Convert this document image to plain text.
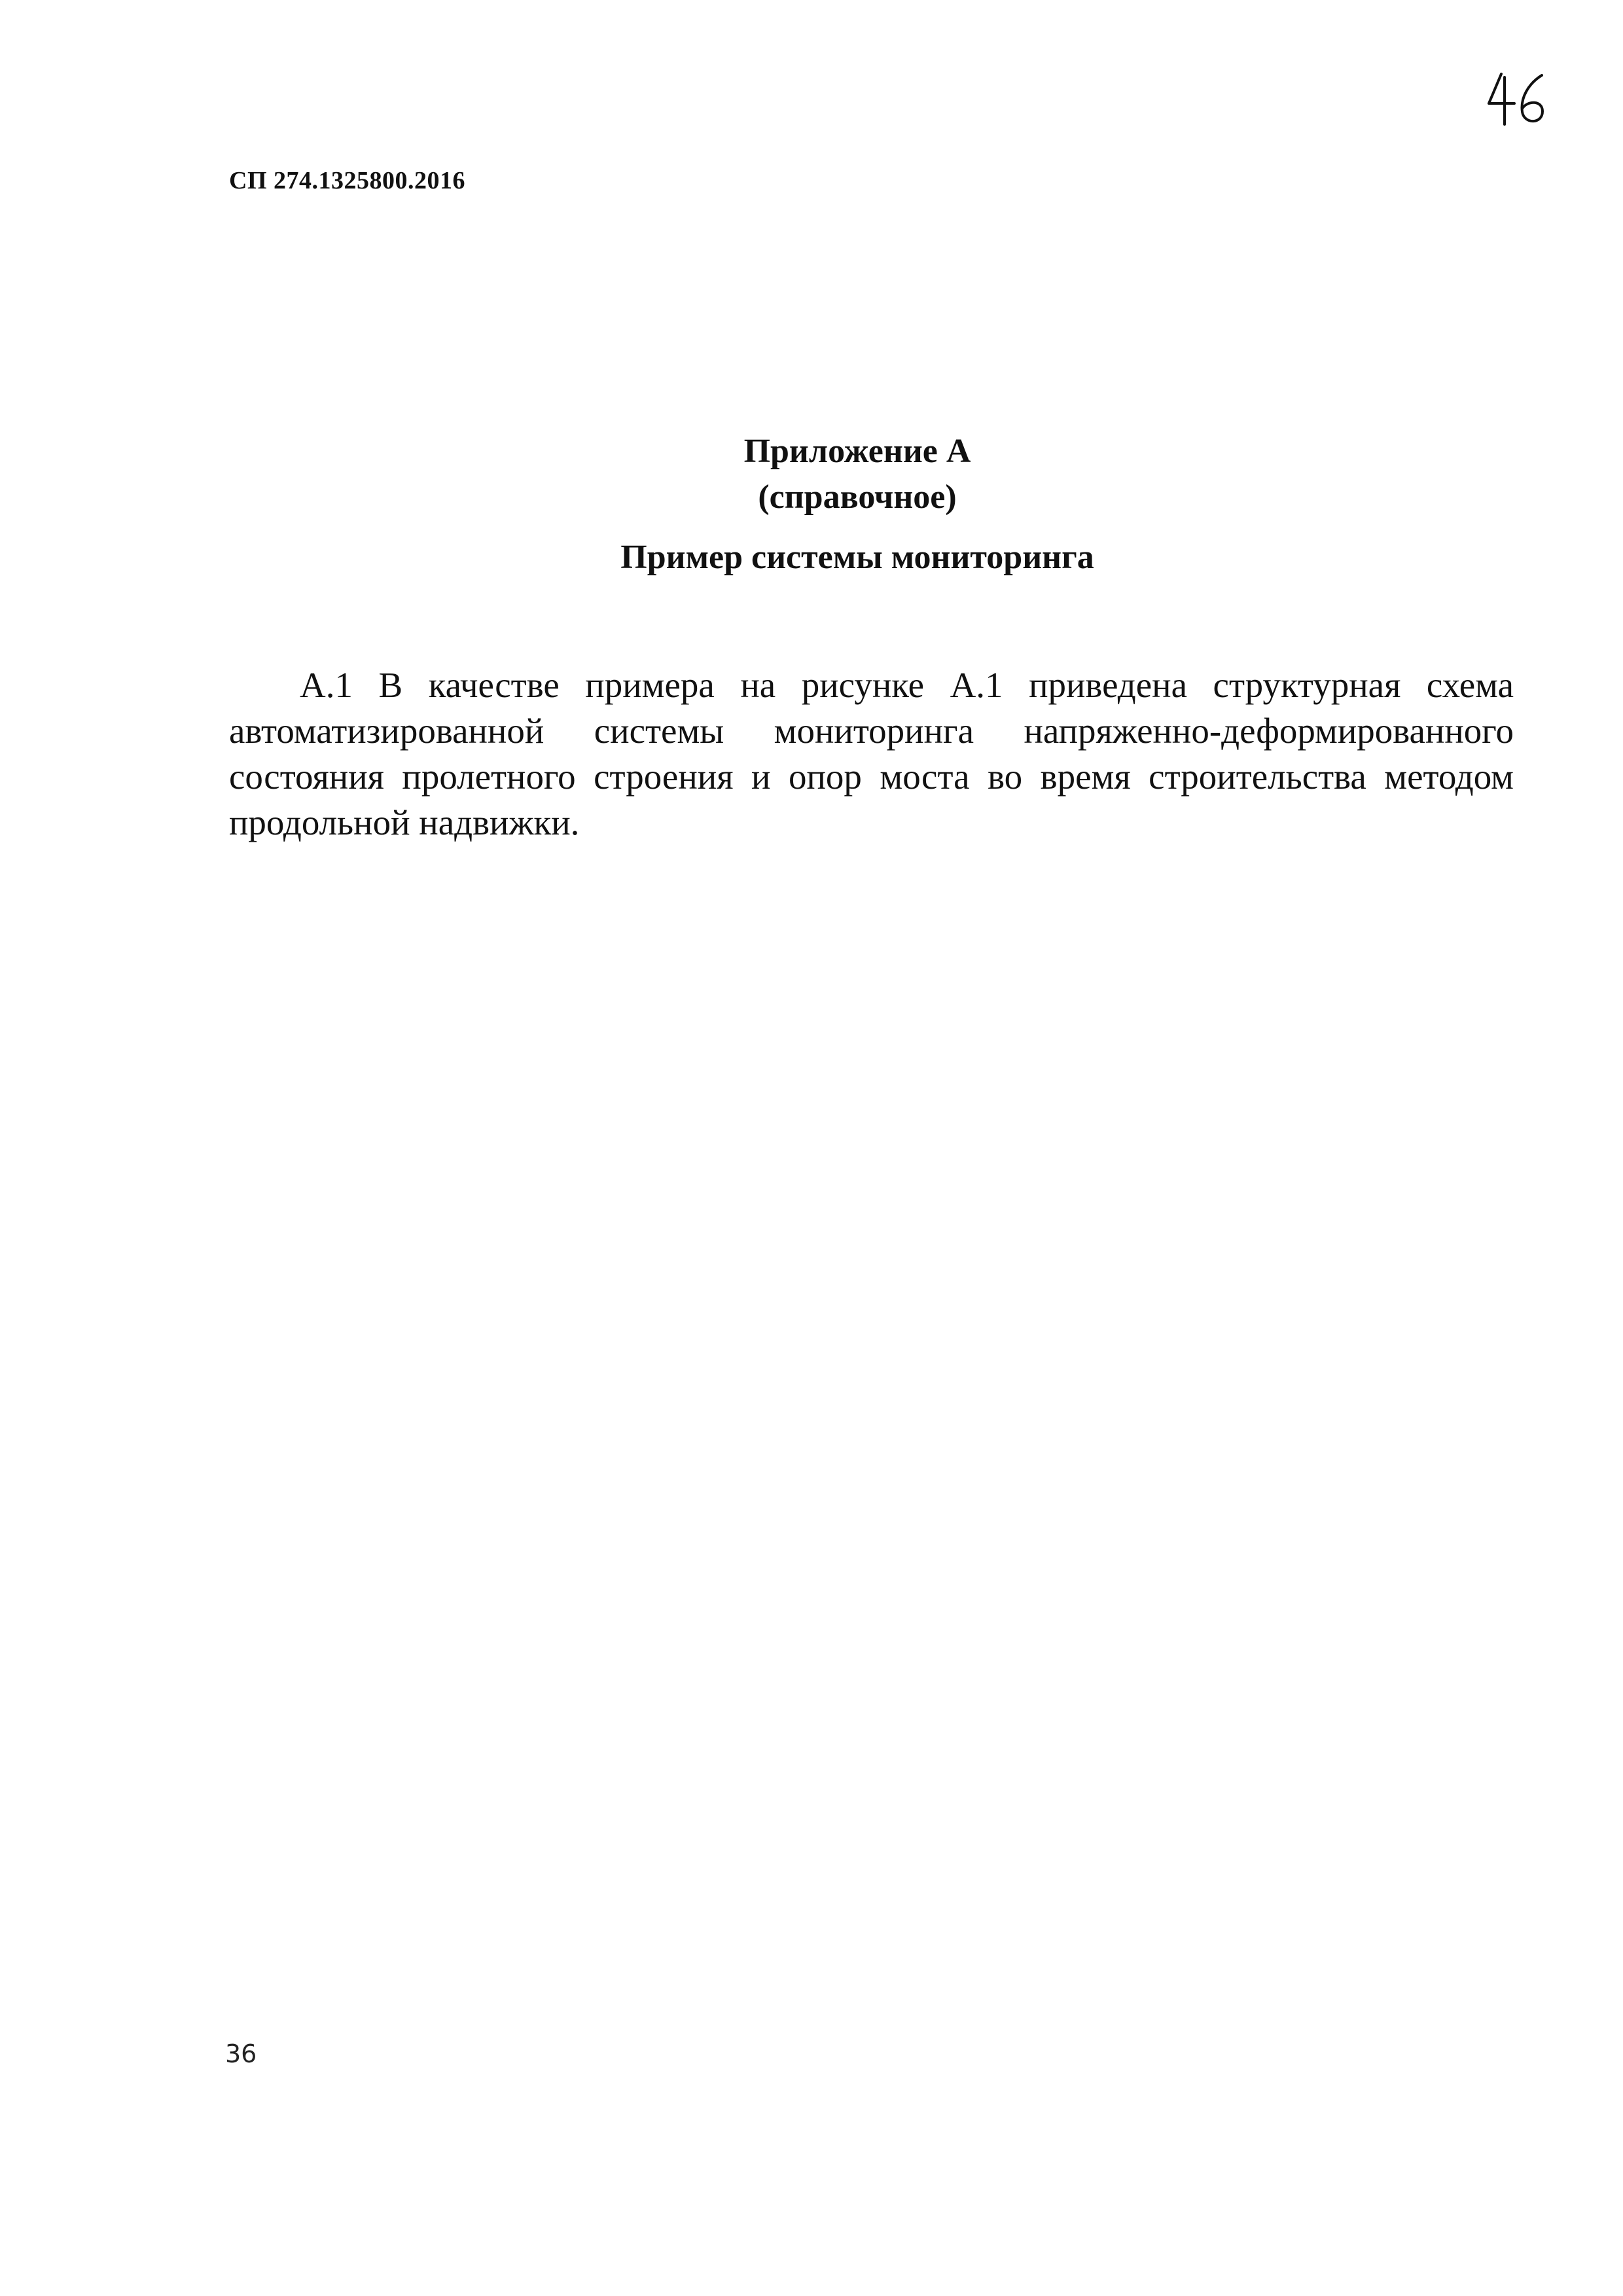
СП 274.1325800.2016
Приложение А
(справочное)
Пример системы мониторинга

А.1 В качестве примера на рисунке А.1 приведена структурная схема автоматизированной системы мониторинга напряженно-деформированного состояния пролетного строения и опор моста во время строительства методом продольной надвижки.

36
